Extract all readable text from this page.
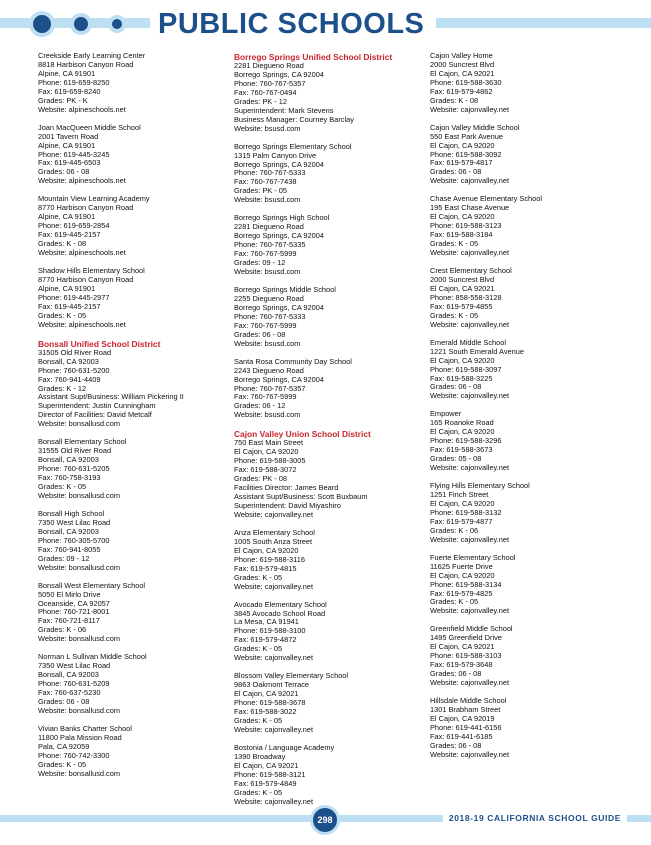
PUBLIC SCHOOLS
Creekside Early Learning Center
8818 Harbison Canyon Road
Alpine, CA 91901
Phone: 619-659-8250
Fax: 619-659-8240
Grades: PK - K
Website: alpineschools.net
Joan MacQueen Middle School
2001 Tavern Road
Alpine, CA 91901
Phone: 619-445-3245
Fax: 619-445-6503
Grades: 06 - 08
Website: alpineschools.net
Mountain View Learning Academy
8770 Harbison Canyon Road
Alpine, CA 91901
Phone: 619-659-2854
Fax: 619-445-2157
Grades: K - 08
Website: alpineschools.net
Shadow Hills Elementary School
8770 Harbison Canyon Road
Alpine, CA 91901
Phone: 619-445-2977
Fax: 619-445-2157
Grades: K - 05
Website: alpineschools.net
Bonsall Unified School District
31505 Old River Road
Bonsall, CA 92003
Phone: 760-631-5200
Fax: 760-941-4409
Grades: K - 12
Assistant Supt/Business: William Pickering II
Superintendent: Justin Cunningham
Director of Facilities: David Metcalf
Website: bonsallusd.com
Bonsall Elementary School
31555 Old River Road
Bonsall, CA 92003
Phone: 760-631-5205
Fax: 760-758-3193
Grades: K - 05
Website: bonsallusd.com
Bonsall High School
7350 West Lilac Road
Bonsall, CA 92003
Phone: 760-305-5700
Fax: 760-941-8055
Grades: 09 - 12
Website: bonsallusd.com
Bonsall West Elementary School
5050 El Mirlo Drive
Oceanside, CA 92057
Phone: 760-721-8001
Fax: 760-721-8117
Grades: K - 06
Website: bonsallusd.com
Norman L Sullivan Middle School
7350 West Lilac Road
Bonsall, CA 92003
Phone: 760-631-5209
Fax: 760-637-5230
Grades: 06 - 08
Website: bonsallusd.com
Vivian Banks Charter School
11800 Pala Mission Road
Pala, CA 92059
Phone: 760-742-3300
Grades: K - 05
Website: bonsallusd.com
Borrego Springs Unified School District
2281 Diegueno Road
Borrego Springs, CA 92004
Phone: 760-767-5357
Fax: 760-767-0494
Grades: PK - 12
Superintendent: Mark Stevens
Business Manager: Courney Barclay
Website: bsusd.com
Borrego Springs Elementary School
1315 Palm Canyon Drive
Borrego Springs, CA 92004
Phone: 760-767-5333
Fax: 760-767-7438
Grades: PK - 05
Website: bsusd.com
Borrego Springs High School
2281 Diegueno Road
Borrego Springs, CA 92004
Phone: 760-767-5335
Fax: 760-767-5999
Grades: 09 - 12
Website: bsusd.com
Borrego Springs Middle School
2255 Diegueno Road
Borrego Springs, CA 92004
Phone: 760-767-5333
Fax: 760-767-5999
Grades: 06 - 08
Website: bsusd.com
Santa Rosa Community Day School
2243 Diegueno Road
Borrego Springs, CA 92004
Phone: 760-767-5357
Fax: 760-767-5999
Grades: 06 - 12
Website: bsusd.com
Cajon Valley Union School District
750 East Main Street
El Cajon, CA 92020
Phone: 619-588-3005
Fax: 619-588-3072
Grades: PK - 08
Facilities Director: James Beard
Assistant Supt/Business: Scott Buxbaum
Superintendent: David Miyashiro
Website: cajonvalley.net
Anza Elementary School
1005 South Anza Street
El Cajon, CA 92020
Phone: 619-588-3116
Fax: 619-579-4815
Grades: K - 05
Website: cajonvalley.net
Avocado Elementary School
3845 Avocado School Road
La Mesa, CA 91941
Phone: 619-588-3100
Fax: 619-579-4872
Grades: K - 05
Website: cajonvalley.net
Blossom Valley Elementary School
9863 Oakmont Terrace
El Cajon, CA 92021
Phone: 619-588-3678
Fax: 619-588-3022
Grades: K - 05
Website: cajonvalley.net
Bostonia / Language Academy
1390 Broadway
El Cajon, CA 92021
Phone: 619-588-3121
Fax: 619-579-4849
Grades: K - 05
Website: cajonvalley.net
Cajon Valley Home
2000 Suncrest Blvd
El Cajon, CA 92021
Phone: 619-588-3630
Fax: 619-579-4862
Grades: K - 08
Website: cajonvalley.net
Cajon Valley Middle School
550 East Park Avenue
El Cajon, CA 92020
Phone: 619-588-3092
Fax: 619-579-4817
Grades: 06 - 08
Website: cajonvalley.net
Chase Avenue Elementary School
195 East Chase Avenue
El Cajon, CA 92020
Phone: 619-588-3123
Fax: 619-588-3184
Grades: K - 05
Website: cajonvalley.net
Crest Elementary School
2000 Suncrest Blvd
El Cajon, CA 92021
Phone: 858-558-3128
Fax: 619-579-4855
Grades: K - 05
Website: cajonvalley.net
Emerald Middle School
1221 South Emerald Avenue
El Cajon, CA 92020
Phone: 619-588-3097
Fax: 619-588-3225
Grades: 06 - 08
Website: cajonvalley.net
Empower
165 Roanoke Road
El Cajon, CA 92020
Phone: 619-588-3296
Fax: 619-588-3673
Grades: 05 - 08
Website: cajonvalley.net
Flying Hills Elementary School
1251 Finch Street
El Cajon, CA 92020
Phone: 619-588-3132
Fax: 619-579-4877
Grades: K - 06
Website: cajonvalley.net
Fuerte Elementary School
11625 Fuerte Drive
El Cajon, CA 92020
Phone: 619-588-3134
Fax: 619-579-4825
Grades: K - 05
Website: cajonvalley.net
Greenfield Middle School
1495 Greenfield Drive
El Cajon, CA 92021
Phone: 619-588-3103
Fax: 619-579-3648
Grades: 06 - 08
Website: cajonvalley.net
Hillsdale Middle School
1301 Brabham Street
El Cajon, CA 92019
Phone: 619-441-6156
Fax: 619-441-6185
Grades: 06 - 08
Website: cajonvalley.net
298	2018-19 CALIFORNIA SCHOOL GUIDE
